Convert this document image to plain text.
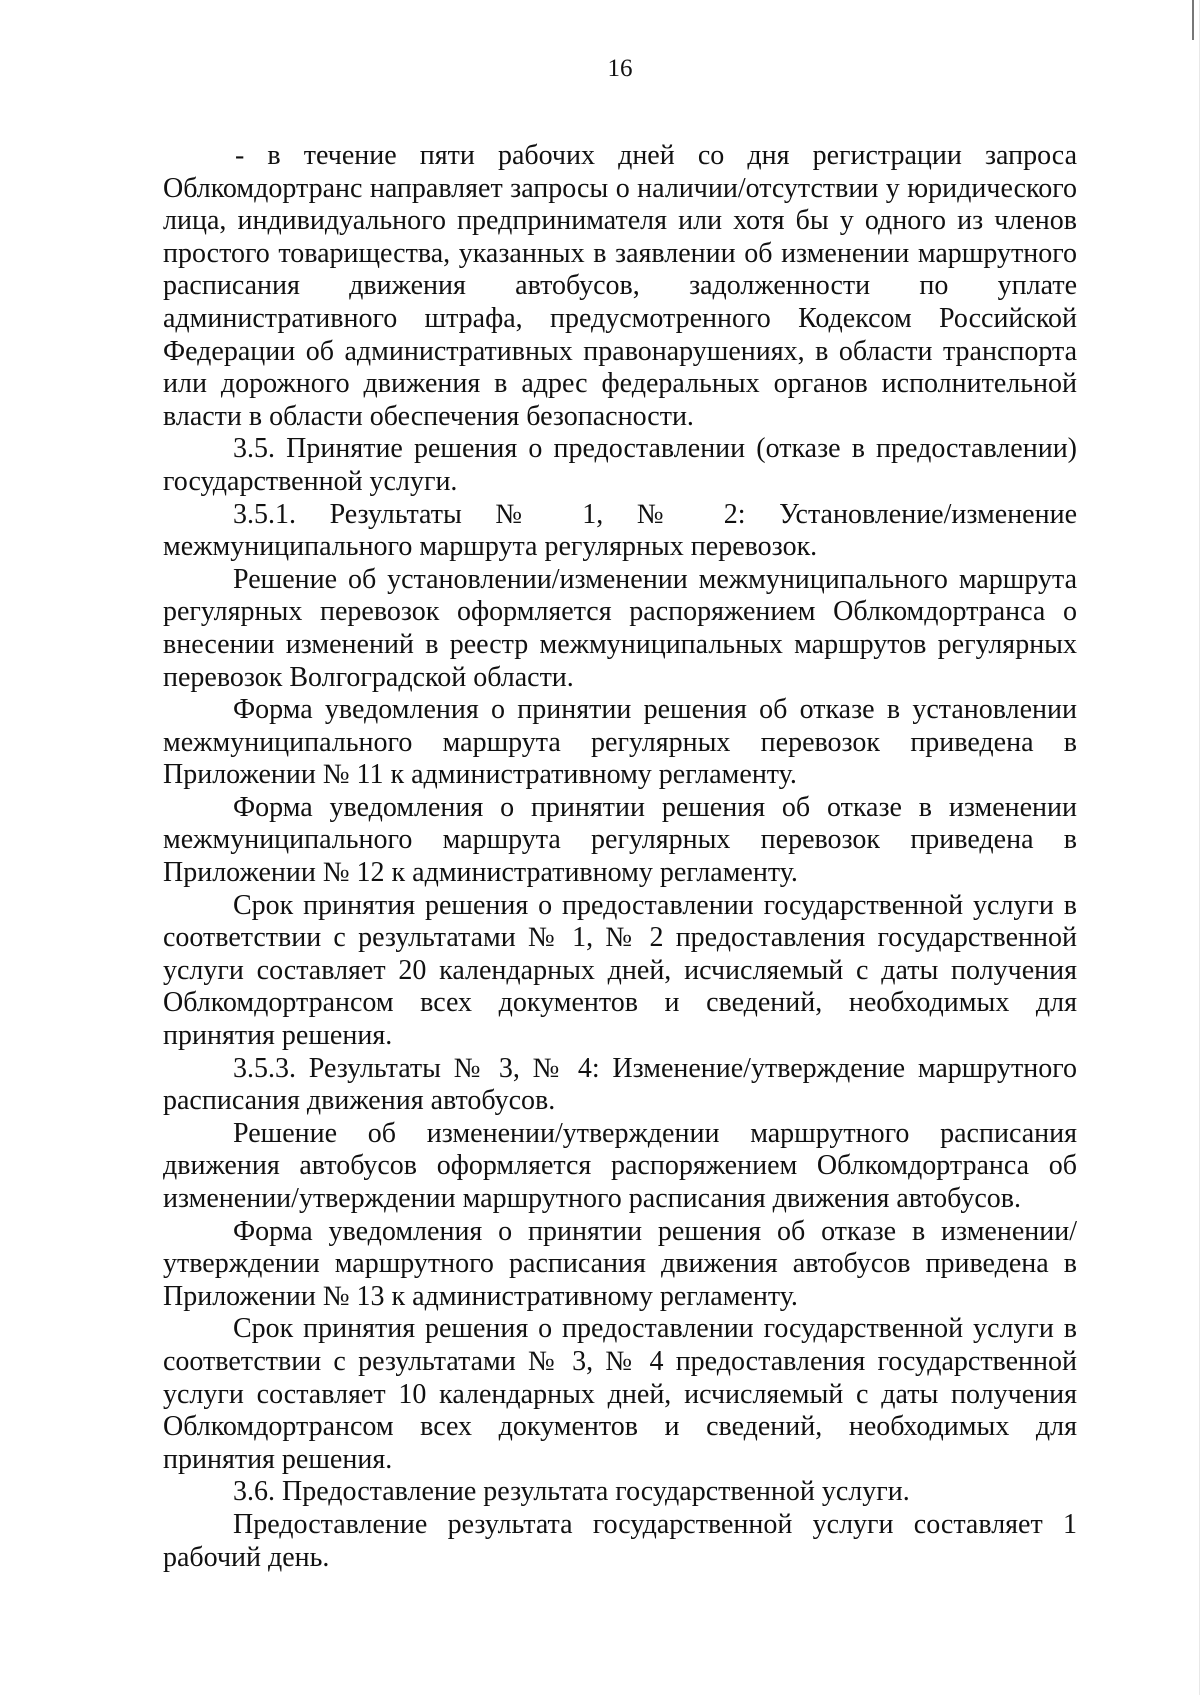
16

- в течение пяти рабочих дней со дня регистрации запроса Облкомдортранс направляет запросы о наличии/отсутствии у юридического лица, индивидуального предпринимателя или хотя бы у одного из членов простого товарищества, указанных в заявлении об изменении маршрутного расписания движения автобусов, задолженности по уплате административного штрафа, предусмотренного Кодексом Российской Федерации об административных правонарушениях, в области транспорта или дорожного движения в адрес федеральных органов исполнительной власти в области обеспечения безопасности.

3.5. Принятие решения о предоставлении (отказе в предоставлении) государственной услуги.

3.5.1. Результаты № 1, № 2: Установление/изменение межмуниципального маршрута регулярных перевозок.

Решение об установлении/изменении межмуниципального маршрута регулярных перевозок оформляется распоряжением Облкомдортранса о внесении изменений в реестр межмуниципальных маршрутов регулярных перевозок Волгоградской области.

Форма уведомления о принятии решения об отказе в установлении межмуниципального маршрута регулярных перевозок приведена в Приложении № 11 к административному регламенту.

Форма уведомления о принятии решения об отказе в изменении межмуниципального маршрута регулярных перевозок приведена в Приложении № 12 к административному регламенту.

Срок принятия решения о предоставлении государственной услуги в соответствии с результатами № 1, № 2 предоставления государственной услуги составляет 20 календарных дней, исчисляемый с даты получения Облкомдортрансом всех документов и сведений, необходимых для принятия решения.

3.5.3. Результаты № 3, № 4: Изменение/утверждение маршрутного расписания движения автобусов.

Решение об изменении/утверждении маршрутного расписания движения автобусов оформляется распоряжением Облкомдортранса об изменении/утверждении маршрутного расписания движения автобусов.

Форма уведомления о принятии решения об отказе в изменении/утверждении маршрутного расписания движения автобусов приведена в Приложении № 13 к административному регламенту.

Срок принятия решения о предоставлении государственной услуги в соответствии с результатами № 3, № 4 предоставления государственной услуги составляет 10 календарных дней, исчисляемый с даты получения Облкомдортрансом всех документов и сведений, необходимых для принятия решения.

3.6. Предоставление результата государственной услуги.

Предоставление результата государственной услуги составляет 1 рабочий день.
